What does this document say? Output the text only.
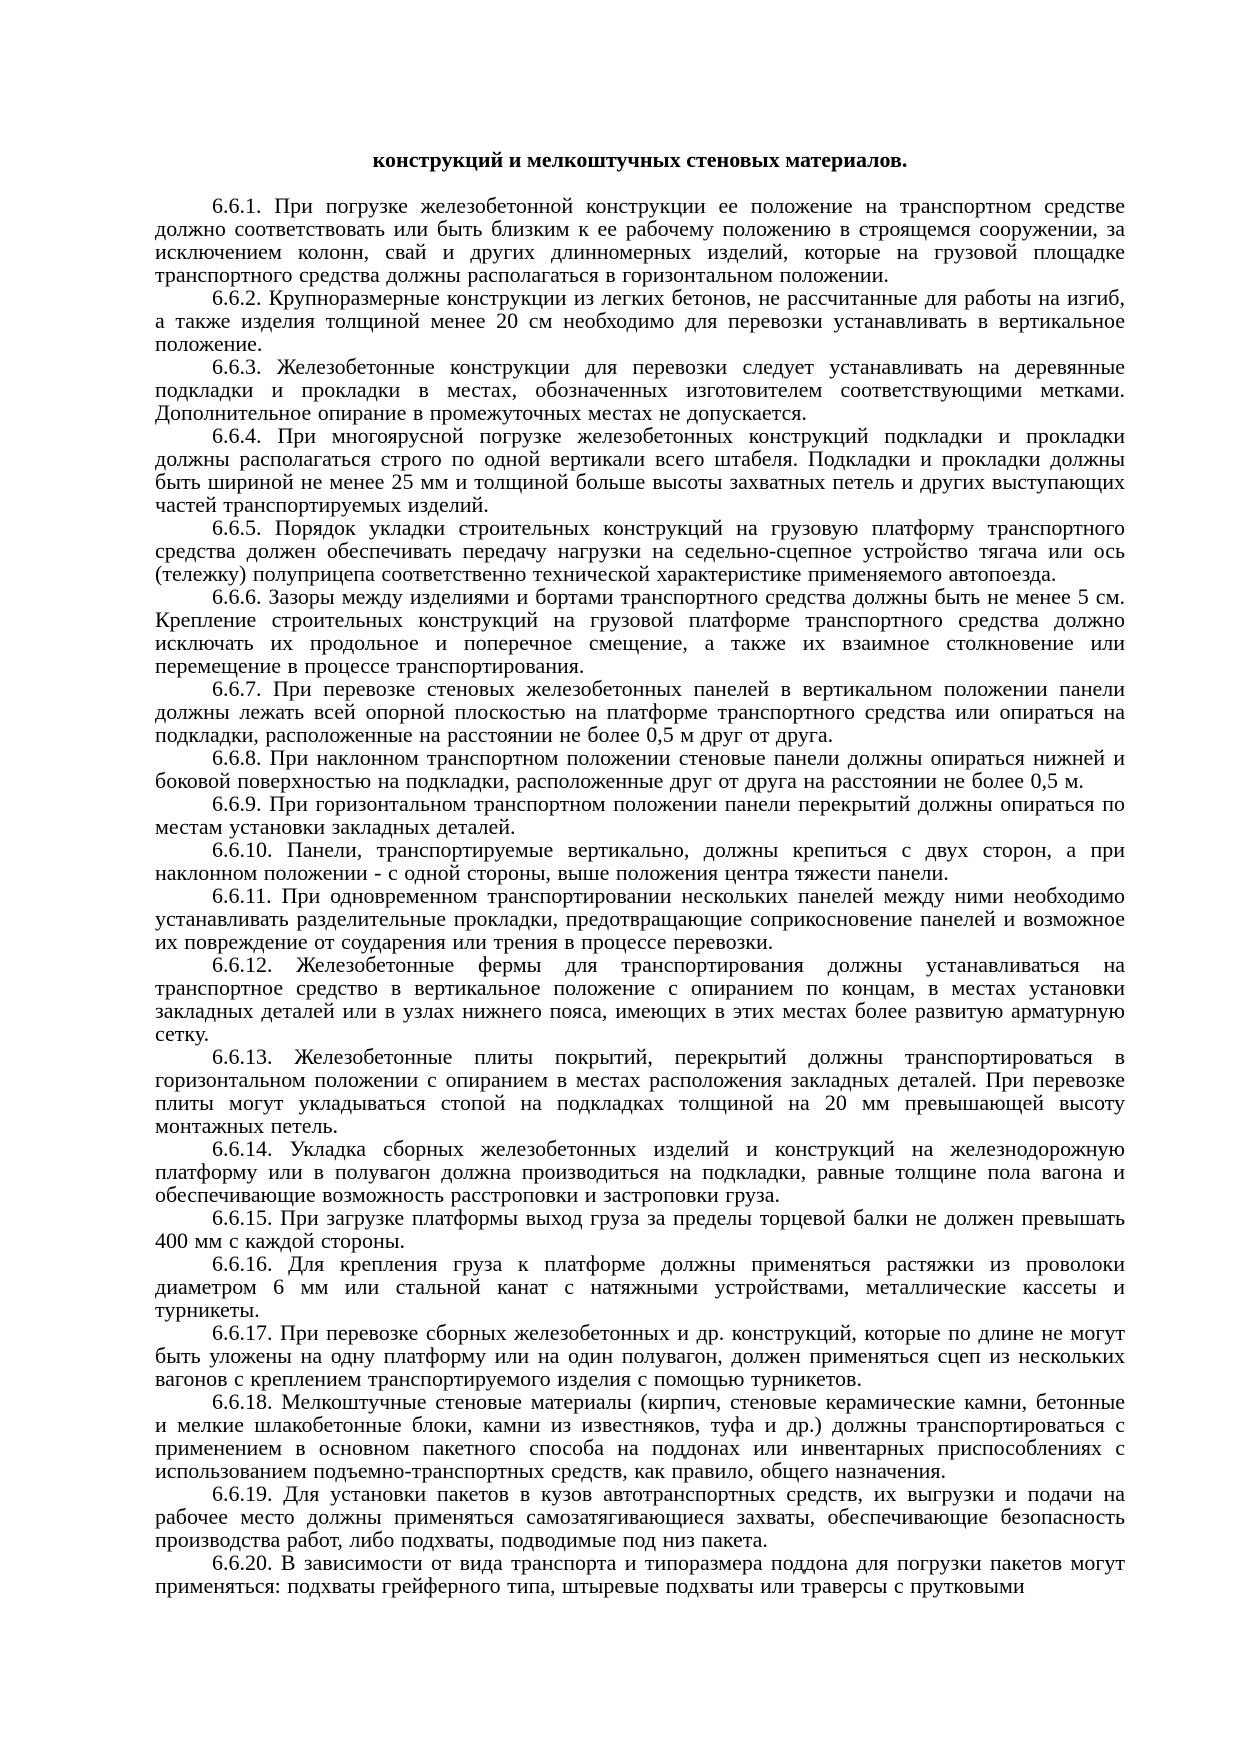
конструкций и мелкоштучных стеновых материалов.

6.6.1. При погрузке железобетонной конструкции ее положение на транспортном средстве должно соответствовать или быть близким к ее рабочему положению в строящемся сооружении, за исключением колонн, свай и других длинномерных изделий, которые на грузовой площадке транспортного средства должны располагаться в горизонтальном положении.

6.6.2. Крупноразмерные конструкции из легких бетонов, не рассчитанные для работы на изгиб, а также изделия толщиной менее 20 см необходимо для перевозки устанавливать в вертикальное положение.

6.6.3. Железобетонные конструкции для перевозки следует устанавливать на деревянные подкладки и прокладки в местах, обозначенных изготовителем соответствующими метками. Дополнительное опирание в промежуточных местах не допускается.

6.6.4. При многоярусной погрузке железобетонных конструкций подкладки и прокладки должны располагаться строго по одной вертикали всего штабеля. Подкладки и прокладки должны быть шириной не менее 25 мм и толщиной больше высоты захватных петель и других выступающих частей транспортируемых изделий.

6.6.5. Порядок укладки строительных конструкций на грузовую платформу транспортного средства должен обеспечивать передачу нагрузки на седельно-сцепное устройство тягача или ось (тележку) полуприцепа соответственно технической характеристике применяемого автопоезда.

6.6.6. Зазоры между изделиями и бортами транспортного средства должны быть не менее 5 см. Крепление строительных конструкций на грузовой платформе транспортного средства должно исключать их продольное и поперечное смещение, а также их взаимное столкновение или перемещение в процессе транспортирования.

6.6.7. При перевозке стеновых железобетонных панелей в вертикальном положении панели должны лежать всей опорной плоскостью на платформе транспортного средства или опираться на подкладки, расположенные на расстоянии не более 0,5 м друг от друга.

6.6.8. При наклонном транспортном положении стеновые панели должны опираться нижней и боковой поверхностью на подкладки, расположенные друг от друга на расстоянии не более 0,5 м.

6.6.9. При горизонтальном транспортном положении панели перекрытий должны опираться по местам установки закладных деталей.

6.6.10. Панели, транспортируемые вертикально, должны крепиться с двух сторон, а при наклонном положении - с одной стороны, выше положения центра тяжести панели.

6.6.11. При одновременном транспортировании нескольких панелей между ними необходимо устанавливать разделительные прокладки, предотвращающие соприкосновение панелей и возможное их повреждение от соударения или трения в процессе перевозки.

6.6.12. Железобетонные фермы для транспортирования должны устанавливаться на транспортное средство в вертикальное положение с опиранием по концам, в местах установки закладных деталей или в узлах нижнего пояса, имеющих в этих местах более развитую арматурную сетку.

6.6.13. Железобетонные плиты покрытий, перекрытий должны транспортироваться в горизонтальном положении с опиранием в местах расположения закладных деталей. При перевозке плиты могут укладываться стопой на подкладках толщиной на 20 мм превышающей высоту монтажных петель.

6.6.14. Укладка сборных железобетонных изделий и конструкций на железнодорожную платформу или в полувагон должна производиться на подкладки, равные толщине пола вагона и обеспечивающие возможность расстроповки и застроповки груза.

6.6.15. При загрузке платформы выход груза за пределы торцевой балки не должен превышать 400 мм с каждой стороны.

6.6.16. Для крепления груза к платформе должны применяться растяжки из проволоки диаметром 6 мм или стальной канат с натяжными устройствами, металлические кассеты и турникеты.

6.6.17. При перевозке сборных железобетонных и др. конструкций, которые по длине не могут быть уложены на одну платформу или на один полувагон, должен применяться сцеп из нескольких вагонов с креплением транспортируемого изделия с помощью турникетов.

6.6.18. Мелкоштучные стеновые материалы (кирпич, стеновые керамические камни, бетонные и мелкие шлакобетонные блоки, камни из известняков, туфа и др.) должны транспортироваться с применением в основном пакетного способа на поддонах или инвентарных приспособлениях с использованием подъемно-транспортных средств, как правило, общего назначения.

6.6.19. Для установки пакетов в кузов автотранспортных средств, их выгрузки и подачи на рабочее место должны применяться самозатягивающиеся захваты, обеспечивающие безопасность производства работ, либо подхваты, подводимые под низ пакета.

6.6.20. В зависимости от вида транспорта и типоразмера поддона для погрузки пакетов могут применяться: подхваты грейферного типа, штыревые подхваты или траверсы с прутковыми
